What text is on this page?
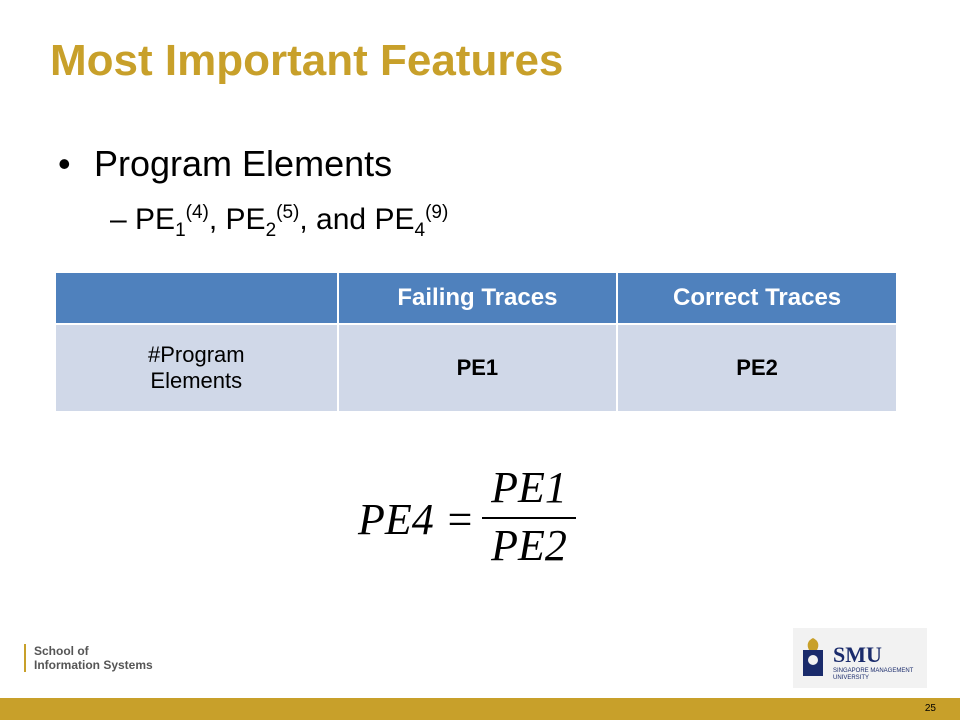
Most Important Features
• Program Elements
– $PE_1^{(4)}$, $PE_2^{(5)}$, and $PE_4^{(9)}$
	Failing Traces	Correct Traces
#Program Elements	PE1	PE2
PE4 =
PE1
PE2
School of
Information Systems	SMU
SINGAPORE MANAGEMENT
UNIVERSITY
25
